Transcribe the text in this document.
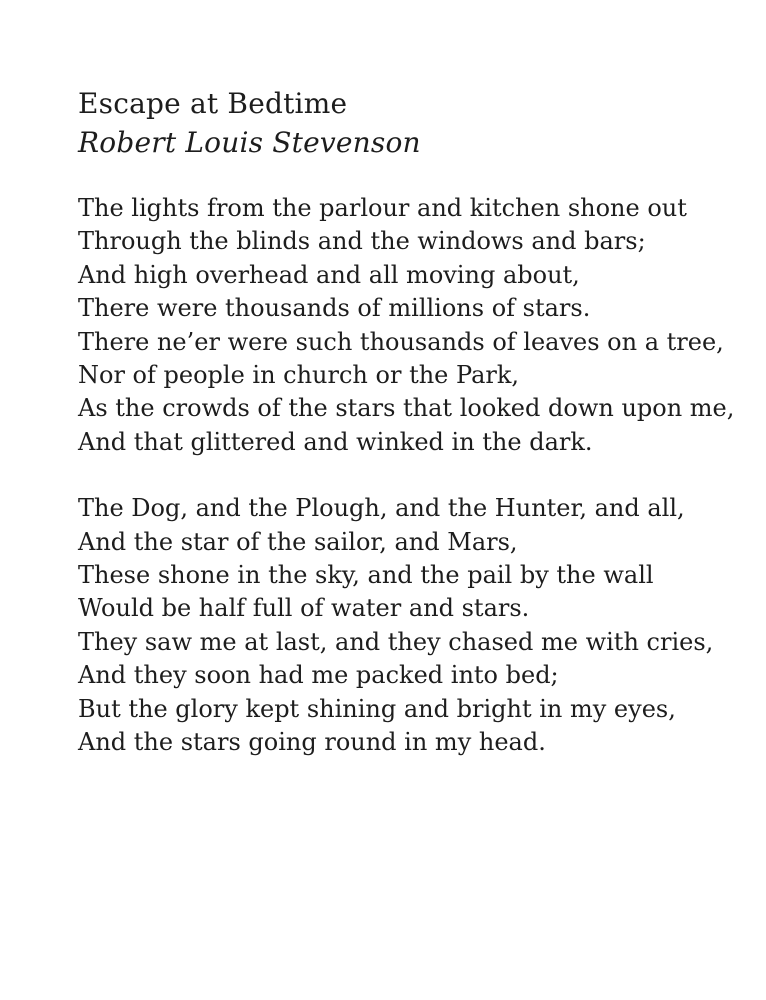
Escape at Bedtime
Robert Louis Stevenson
The lights from the parlour and kitchen shone out
Through the blinds and the windows and bars;
And high overhead and all moving about,
There were thousands of millions of stars.
There ne’er were such thousands of leaves on a tree,
Nor of people in church or the Park,
As the crowds of the stars that looked down upon me,
And that glittered and winked in the dark.
The Dog, and the Plough, and the Hunter, and all,
And the star of the sailor, and Mars,
These shone in the sky, and the pail by the wall
Would be half full of water and stars.
They saw me at last, and they chased me with cries,
And they soon had me packed into bed;
But the glory kept shining and bright in my eyes,
And the stars going round in my head.
